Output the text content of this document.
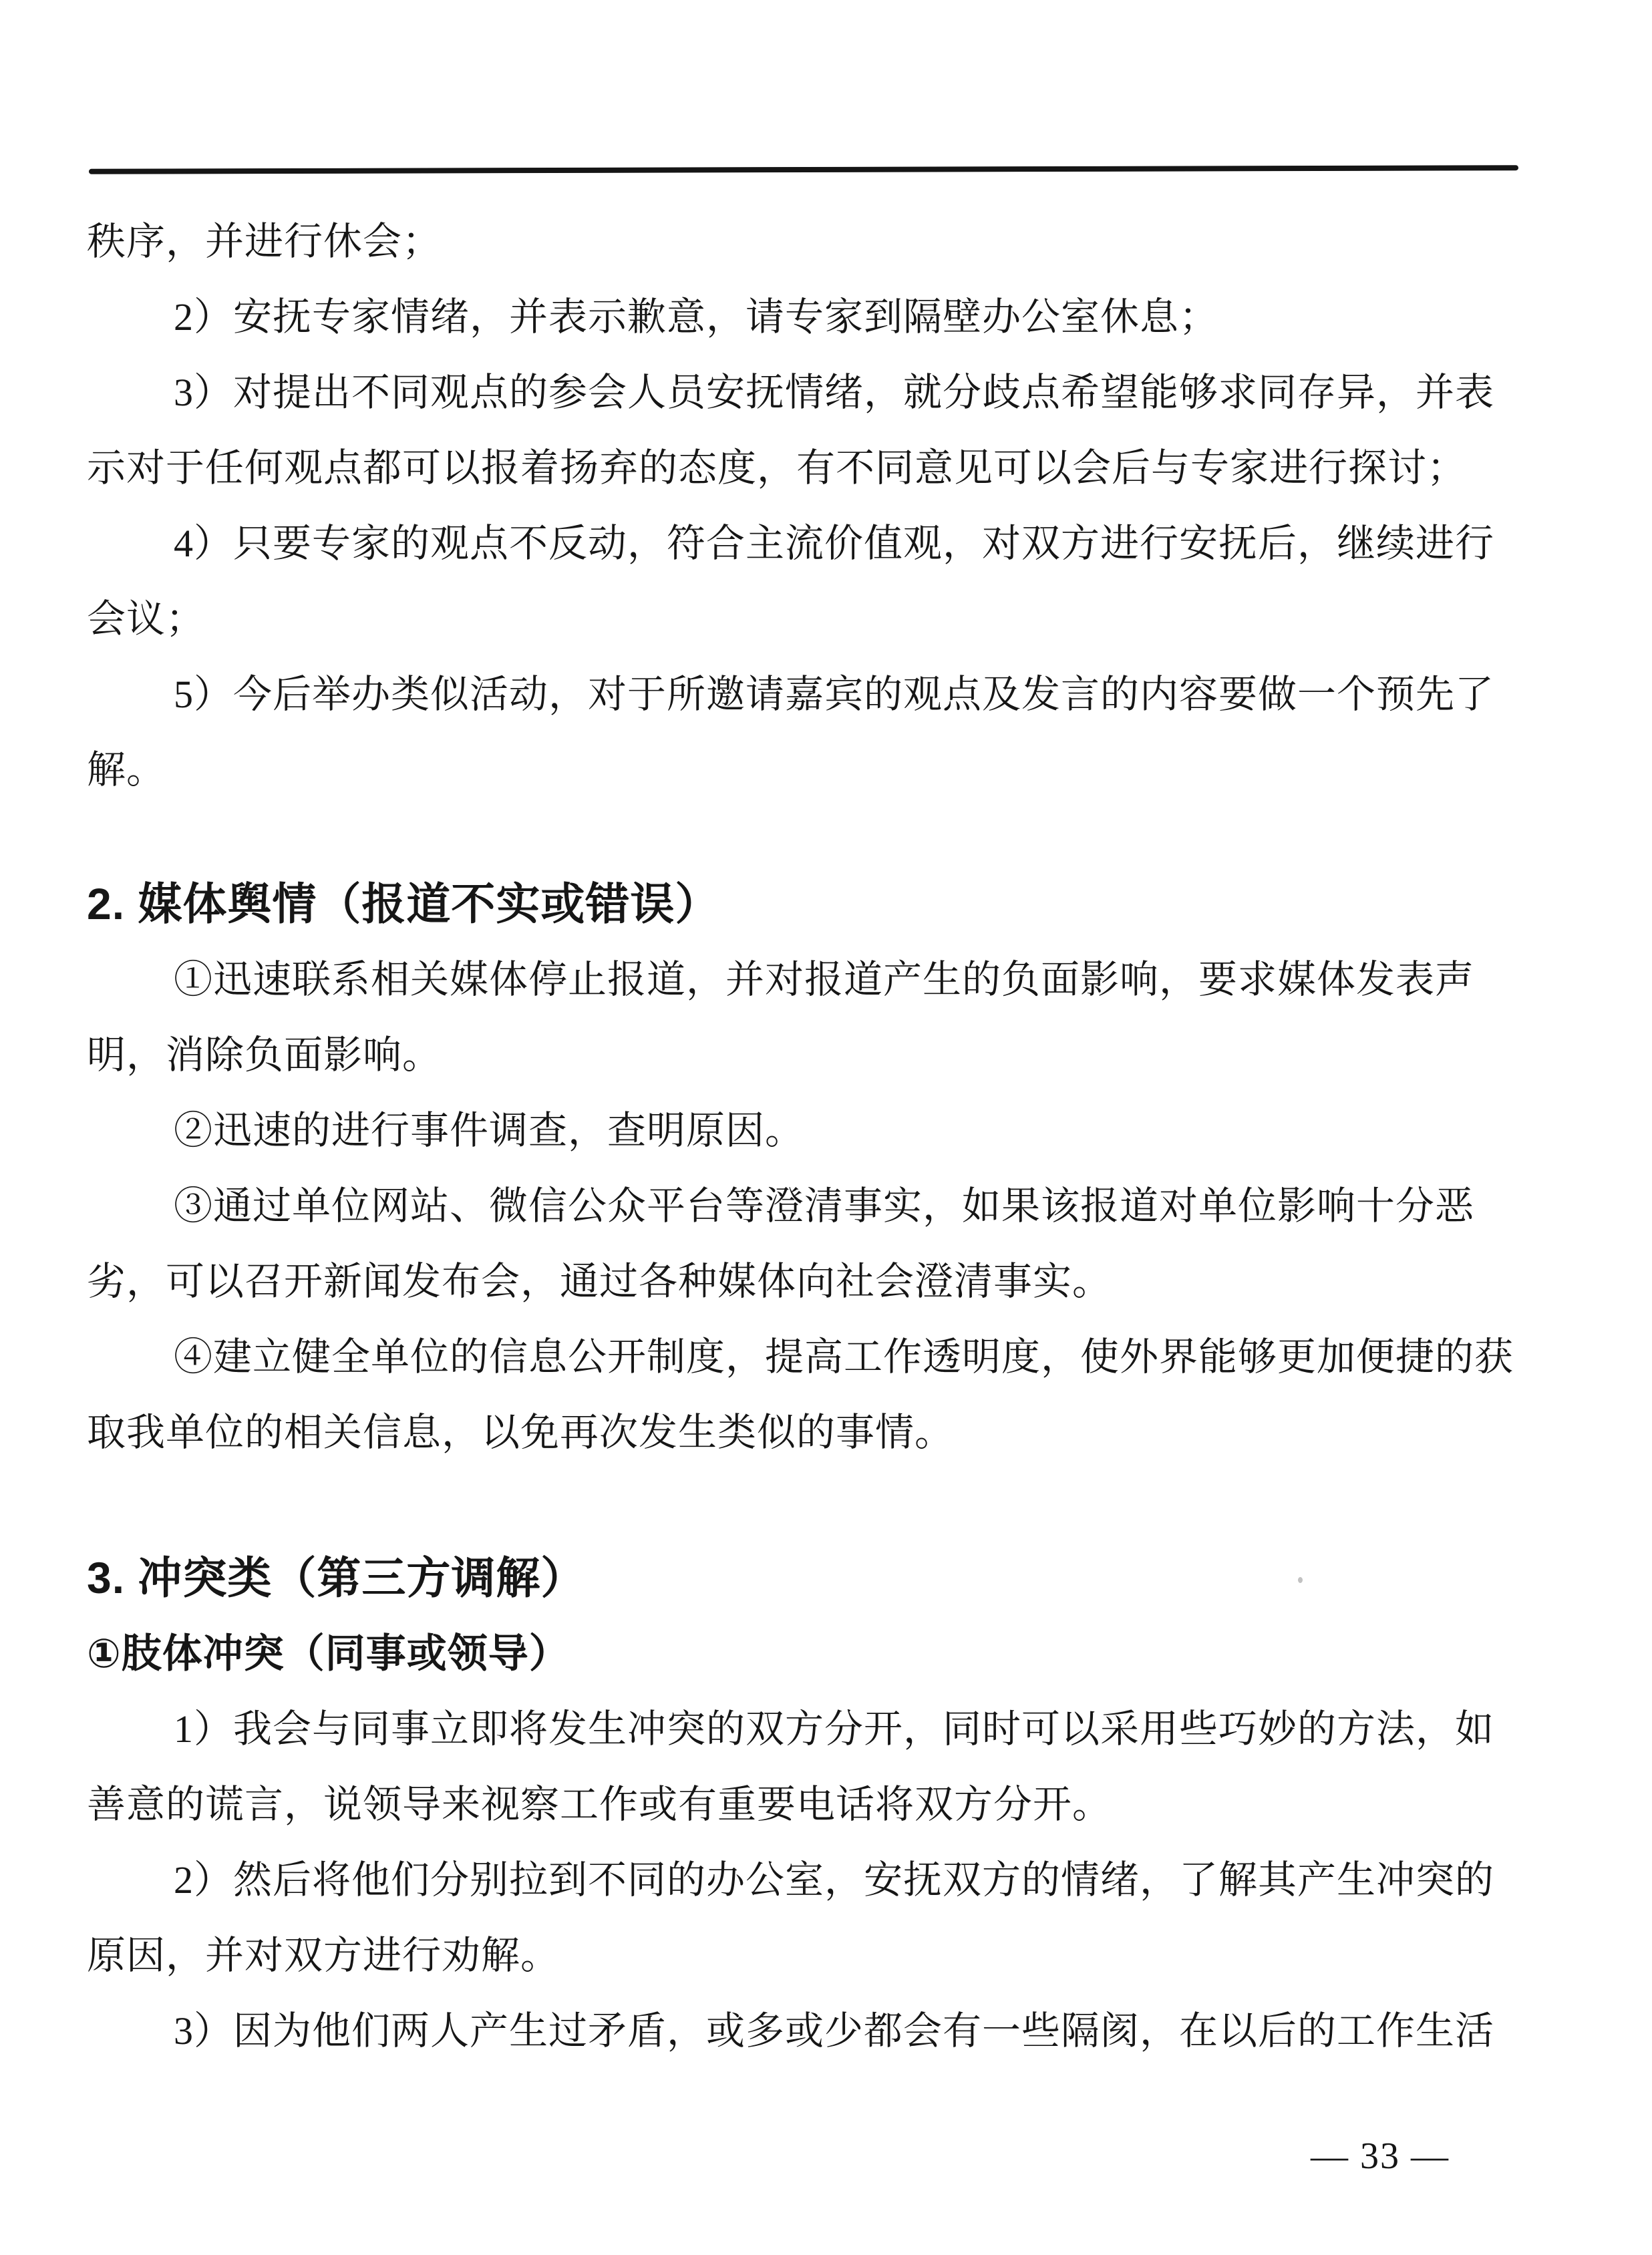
秩序，并进行休会；
2）安抚专家情绪，并表示歉意，请专家到隔壁办公室休息；
3）对提出不同观点的参会人员安抚情绪，就分歧点希望能够求同存异，并表
示对于任何观点都可以报着扬弃的态度，有不同意见可以会后与专家进行探讨；
4）只要专家的观点不反动，符合主流价值观，对双方进行安抚后，继续进行
会议；
5）今后举办类似活动，对于所邀请嘉宾的观点及发言的内容要做一个预先了
解。
2. 媒体舆情（报道不实或错误）
①迅速联系相关媒体停止报道，并对报道产生的负面影响，要求媒体发表声
明，消除负面影响。
②迅速的进行事件调查，查明原因。
③通过单位网站、微信公众平台等澄清事实，如果该报道对单位影响十分恶
劣，可以召开新闻发布会，通过各种媒体向社会澄清事实。
④建立健全单位的信息公开制度，提高工作透明度，使外界能够更加便捷的获
取我单位的相关信息，以免再次发生类似的事情。
3. 冲突类（第三方调解）
①肢体冲突（同事或领导）
1）我会与同事立即将发生冲突的双方分开，同时可以采用些巧妙的方法，如
善意的谎言，说领导来视察工作或有重要电话将双方分开。
2）然后将他们分别拉到不同的办公室，安抚双方的情绪，了解其产生冲突的
原因，并对双方进行劝解。
3）因为他们两人产生过矛盾，或多或少都会有一些隔阂，在以后的工作生活
— 33 —
